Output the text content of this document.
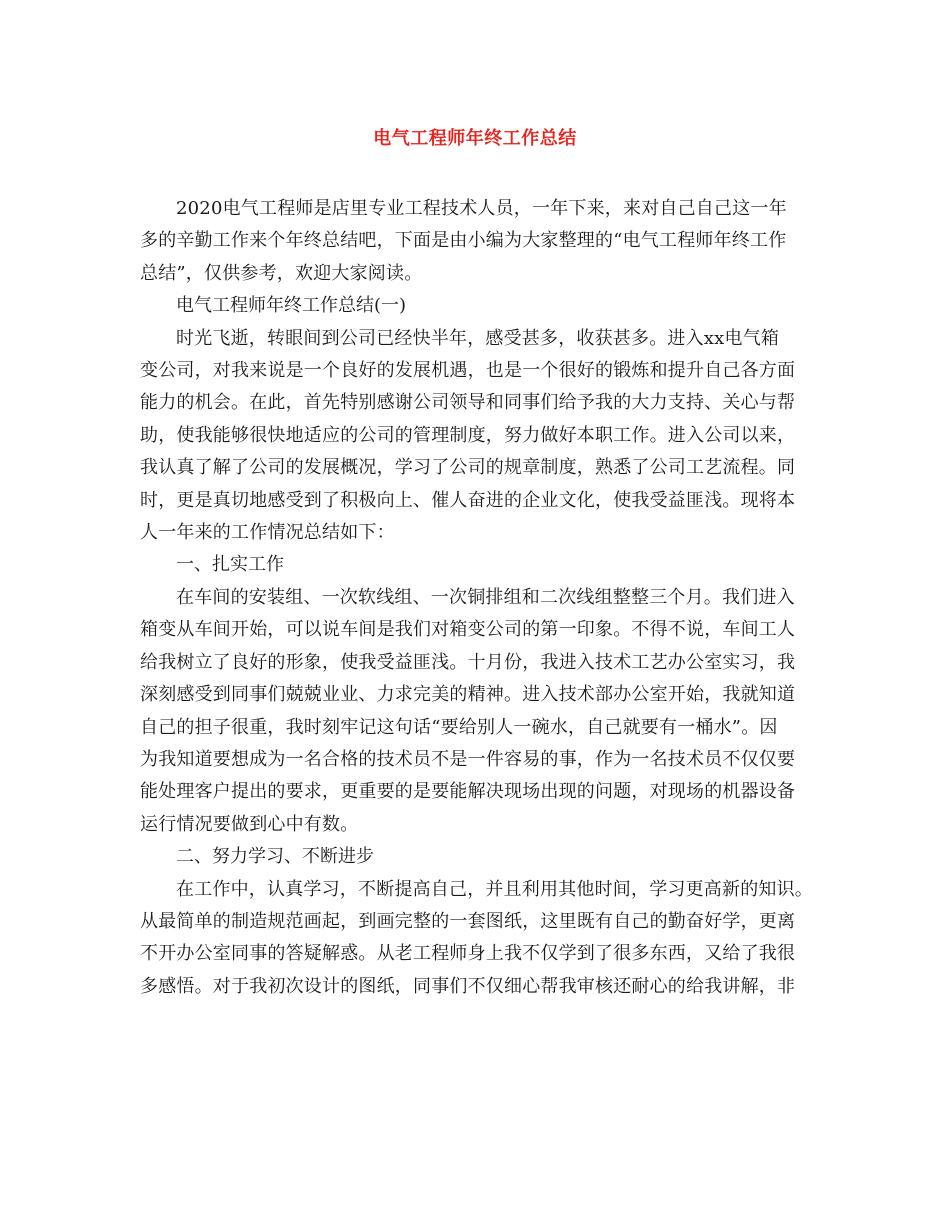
电气工程师年终工作总结

2020电气工程师是店里专业工程技术人员，一年下来，来对自己自己这一年
多的辛勤工作来个年终总结吧，下面是由小编为大家整理的“电气工程师年终工作
总结”，仅供参考，欢迎大家阅读。

电气工程师年终工作总结(一)

时光飞逝，转眼间到公司已经快半年，感受甚多，收获甚多。进入xx电气箱
变公司，对我来说是一个良好的发展机遇，也是一个很好的锻炼和提升自己各方面
能力的机会。在此，首先特别感谢公司领导和同事们给予我的大力支持、关心与帮
助，使我能够很快地适应的公司的管理制度，努力做好本职工作。进入公司以来，
我认真了解了公司的发展概况，学习了公司的规章制度，熟悉了公司工艺流程。同
时，更是真切地感受到了积极向上、催人奋进的企业文化，使我受益匪浅。现将本
人一年来的工作情况总结如下：

一、扎实工作

在车间的安装组、一次软线组、一次铜排组和二次线组整整三个月。我们进入
箱变从车间开始，可以说车间是我们对箱变公司的第一印象。不得不说，车间工人
给我树立了良好的形象，使我受益匪浅。十月份，我进入技术工艺办公室实习，我
深刻感受到同事们兢兢业业、力求完美的精神。进入技术部办公室开始，我就知道
自己的担子很重，我时刻牢记这句话“要给别人一碗水，自己就要有一桶水”。因
为我知道要想成为一名合格的技术员不是一件容易的事，作为一名技术员不仅仅要
能处理客户提出的要求，更重要的是要能解决现场出现的问题，对现场的机器设备
运行情况要做到心中有数。

二、努力学习、不断进步

在工作中，认真学习，不断提高自己，并且利用其他时间，学习更高新的知识。
从最简单的制造规范画起，到画完整的一套图纸，这里既有自己的勤奋好学，更离
不开办公室同事的答疑解惑。从老工程师身上我不仅学到了很多东西，又给了我很
多感悟。对于我初次设计的图纸，同事们不仅细心帮我审核还耐心的给我讲解，非
